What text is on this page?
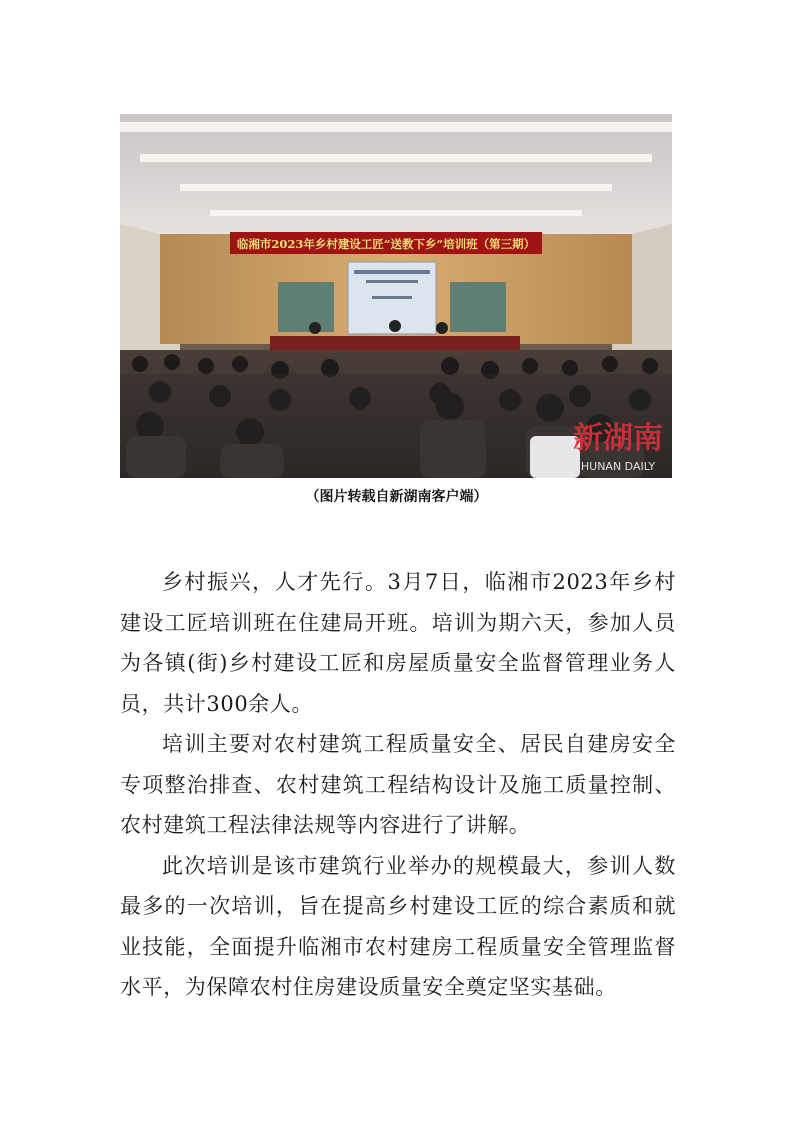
临湘市2023年乡村建设工匠“送教下乡”培训班（第三期）
新湖南
HUNAN DAILY
（图片转载自新湖南客户端）

乡村振兴，人才先行。3月7日，临湘市2023年乡村建设工匠培训班在住建局开班。培训为期六天，参加人员为各镇(街)乡村建设工匠和房屋质量安全监督管理业务人员，共计300余人。

培训主要对农村建筑工程质量安全、居民自建房安全专项整治排查、农村建筑工程结构设计及施工质量控制、农村建筑工程法律法规等内容进行了讲解。

此次培训是该市建筑行业举办的规模最大，参训人数最多的一次培训，旨在提高乡村建设工匠的综合素质和就业技能，全面提升临湘市农村建房工程质量安全管理监督水平，为保障农村住房建设质量安全奠定坚实基础。
